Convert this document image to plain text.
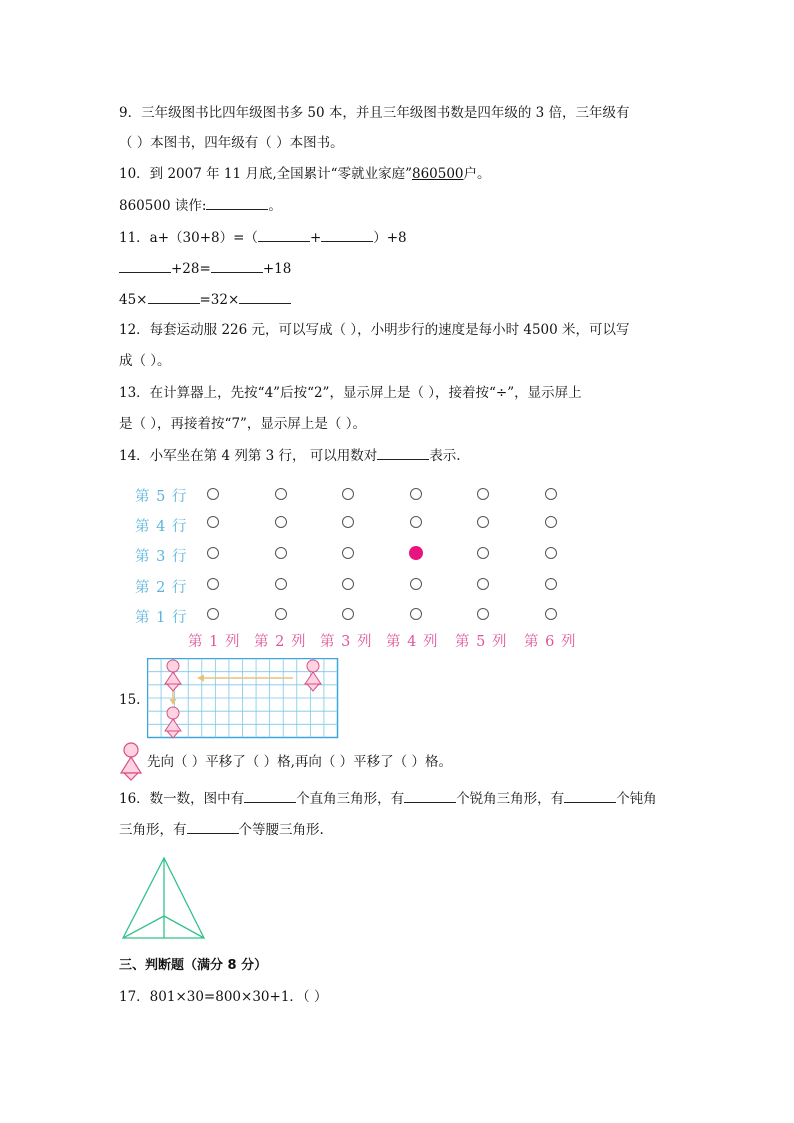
9．三年级图书比四年级图书多 50 本，并且三年级图书数是四年级的 3 倍，三年级有
（ ）本图书，四年级有（ ）本图书。
10．到 2007 年 11 月底,全国累计“零就业家庭”860500户。
860500 读作:	。
11．a+（30+8）=（	+	）+8
+28=	+18
45×	=32×
12．每套运动服 226 元，可以写成（ ），小明步行的速度是每小时 4500 米，可以写
成（ ）。
13．在计算器上，先按“4”后按“2”，显示屏上是（ ），接着按“÷”，显示屏上
是（ ），再接着按“7”，显示屏上是（ ）。
14．小军坐在第 4 列第 3 行， 可以用数对	表示.
第 5 行
第 4 行
第 3 行
第 2 行
第 1 行
第 1 列 第 2 列 第 3 列 第 4 列 第 5 列 第 6 列
15.
先向（ ）平移了（ ）格,再向（ ）平移了（ ）格。
16．数一数，图中有	个直角三角形，有	个锐角三角形，有	个钝角
三角形，有	个等腰三角形.
三、判断题（满分 8 分）
17．801×30=800×30+1．（ ）
